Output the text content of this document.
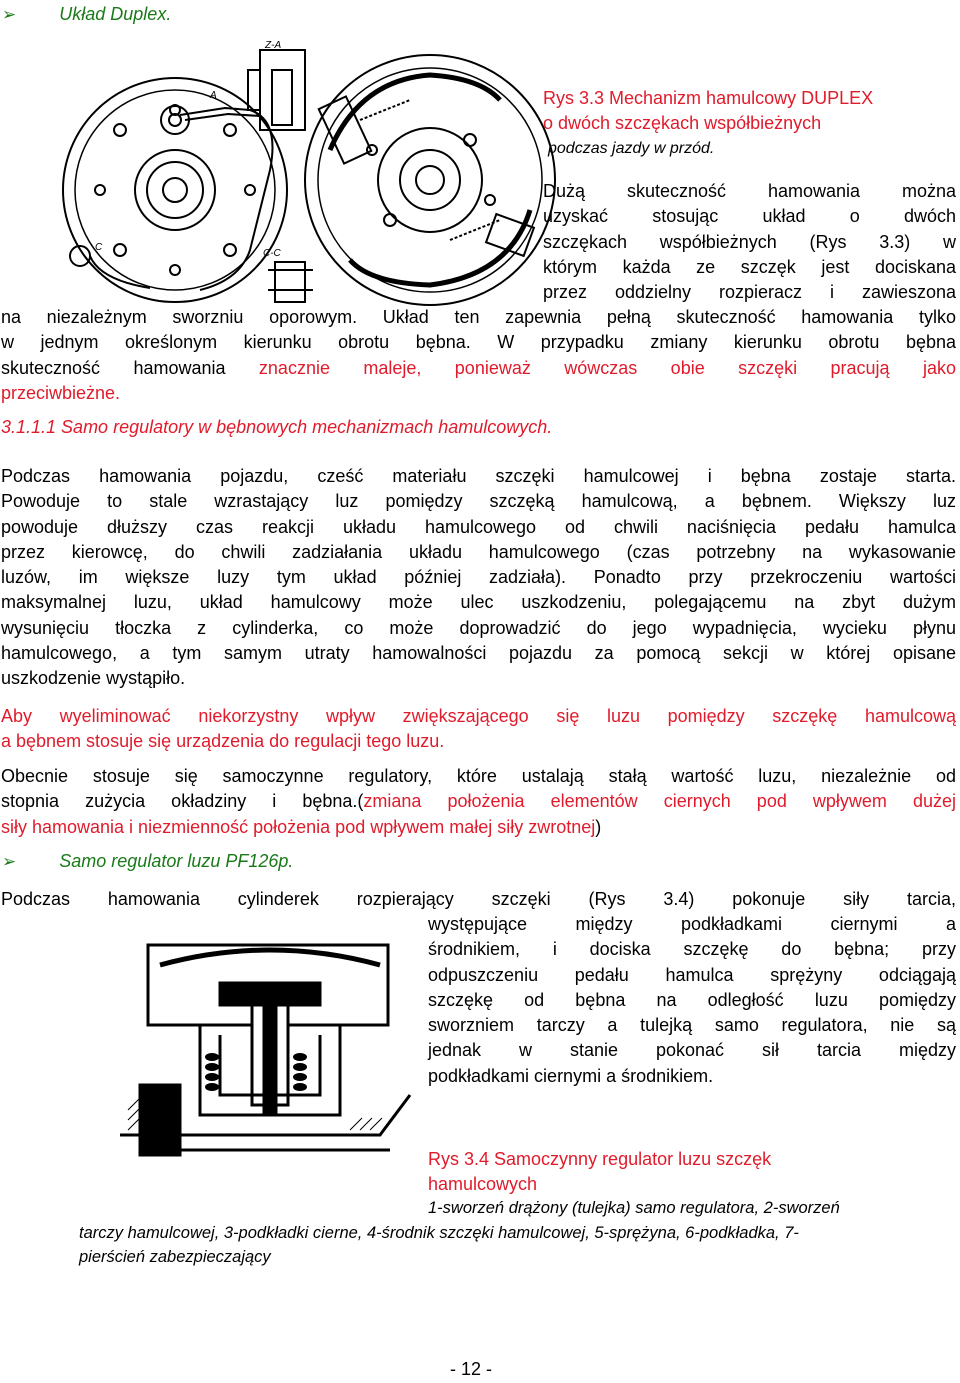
➢ Układ Duplex.
A
Z-A
C-C
C
Rys 3.3 Mechanizm hamulcowy DUPLEX
o dwóch szczękach współbieżnych
podczas jazdy w przód.
Dużą skuteczność hamowania można
uzyskać stosując układ o dwóch
szczękach współbieżnych (Rys 3.3) w
którym każda ze szczęk jest dociskana
przez oddzielny rozpieracz i zawieszona
na niezależnym sworzniu oporowym. Układ ten zapewnia pełną skuteczność hamowania tylko
w jednym określonym kierunku obrotu bębna. W przypadku zmiany kierunku obrotu bębna
skuteczność hamowania znacznie maleje, ponieważ wówczas obie szczęki pracują jako
przeciwbieżne.
3.1.1.1 Samo regulatory w bębnowych mechanizmach hamulcowych.
Podczas hamowania pojazdu, cześć materiału szczęki hamulcowej i bębna zostaje starta.
Powoduje to stale wzrastający luz pomiędzy szczęką hamulcową, a bębnem. Większy luz
powoduje dłuższy czas reakcji układu hamulcowego od chwili naciśnięcia pedału hamulca
przez kierowcę, do chwili zadziałania układu hamulcowego (czas potrzebny na wykasowanie
luzów, im większe luzy tym układ później zadziała). Ponadto przy przekroczeniu wartości
maksymalnej luzu, układ hamulcowy może ulec uszkodzeniu, polegającemu na zbyt dużym
wysunięciu tłoczka z cylinderka, co może doprowadzić do jego wypadnięcia, wycieku płynu
hamulcowego, a tym samym utraty hamowalności pojazdu za pomocą sekcji w której opisane
uszkodzenie wystąpiło.
Aby wyeliminować niekorzystny wpływ zwiększającego się luzu pomiędzy szczękę hamulcową
a bębnem stosuje się urządzenia do regulacji tego luzu.
Obecnie stosuje się samoczynne regulatory, które ustalają stałą wartość luzu, niezależnie od
stopnia zużycia okładziny i bębna.(zmiana położenia elementów ciernych pod wpływem dużej
siły hamowania i niezmienność położenia pod wpływem małej siły zwrotnej)
➢ Samo regulator luzu PF126p.
Podczas hamowania cylinderek rozpierający szczęki (Rys 3.4) pokonuje siły tarcia,
występujące między podkładkami ciernymi a
środnikiem, i dociska szczękę do bębna; przy
odpuszczeniu pedału hamulca sprężyny odciągają
szczękę od bębna na odległość luzu pomiędzy
sworzniem tarczy a tulejką samo regulatora, nie są
jednak w stanie pokonać sił tarcia między
podkładkami ciernymi a środnikiem.
Rys 3.4 Samoczynny regulator luzu szczęk
hamulcowych
1-sworzeń drążony (tulejka) samo regulatora, 2-sworzeń
tarczy hamulcowej, 3-podkładki cierne, 4-środnik szczęki hamulcowej, 5-sprężyna, 6-podkładka, 7-
pierścień zabezpieczający
- 12 -
